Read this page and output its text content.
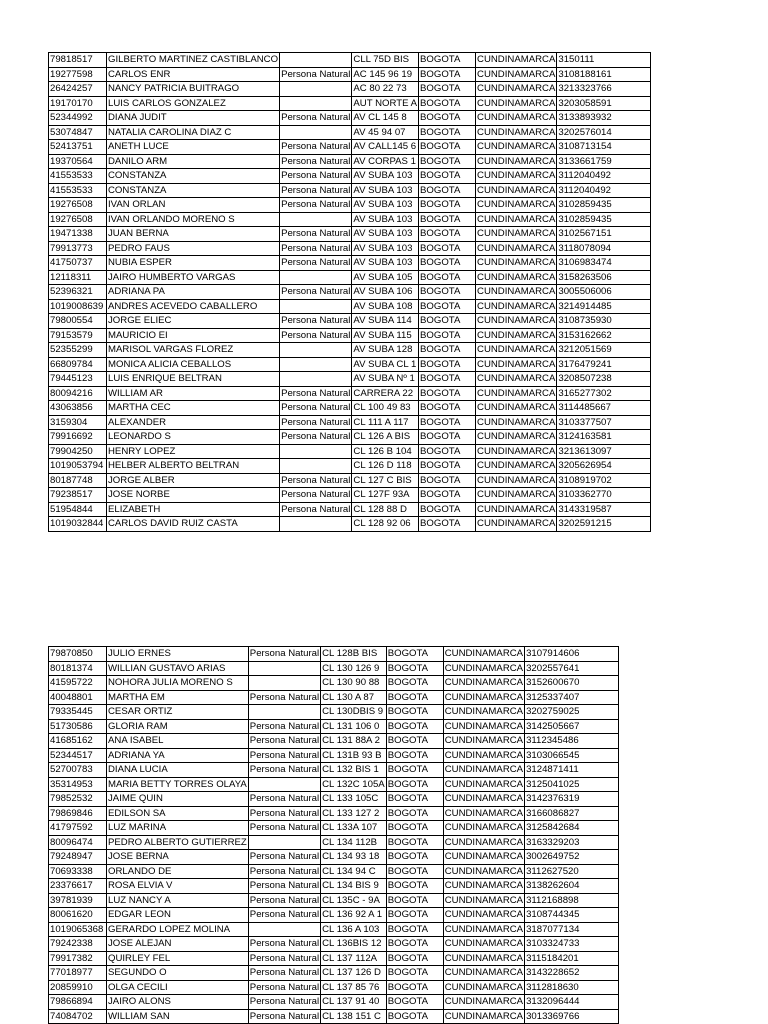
79818517	GILBERTO MARTINEZ CASTIBLANCO		CLL 75D BIS	BOGOTA	CUNDINAMARCA	3150111
19277598	CARLOS ENR	Persona Natural	AC 145 96 19	BOGOTA	CUNDINAMARCA	3108188161
26424257	NANCY PATRICIA BUITRAGO		AC 80 22 73	BOGOTA	CUNDINAMARCA	3213323766
19170170	LUIS CARLOS GONZALEZ		AUT NORTE A	BOGOTA	CUNDINAMARCA	3203058591
52344992	DIANA JUDIT	Persona Natural	AV CL 145 8	BOGOTA	CUNDINAMARCA	3133893932
53074847	NATALIA CAROLINA DIAZ C		AV 45 94 07	BOGOTA	CUNDINAMARCA	3202576014
52413751	ANETH LUCE	Persona Natural	AV CALL145 6	BOGOTA	CUNDINAMARCA	3108713154
19370564	DANILO ARM	Persona Natural	AV CORPAS 1	BOGOTA	CUNDINAMARCA	3133661759
41553533	CONSTANZA	Persona Natural	AV SUBA 103	BOGOTA	CUNDINAMARCA	3112040492
41553533	CONSTANZA	Persona Natural	AV SUBA 103	BOGOTA	CUNDINAMARCA	3112040492
19276508	IVAN ORLAN	Persona Natural	AV SUBA 103	BOGOTA	CUNDINAMARCA	3102859435
19276508	IVAN ORLANDO MORENO S		AV SUBA 103	BOGOTA	CUNDINAMARCA	3102859435
19471338	JUAN BERNA	Persona Natural	AV SUBA 103	BOGOTA	CUNDINAMARCA	3102567151
79913773	PEDRO FAUS	Persona Natural	AV SUBA 103	BOGOTA	CUNDINAMARCA	3118078094
41750737	NUBIA ESPER	Persona Natural	AV SUBA 103	BOGOTA	CUNDINAMARCA	3106983474
12118311	JAIRO HUMBERTO VARGAS		AV SUBA 105	BOGOTA	CUNDINAMARCA	3158263506
52396321	ADRIANA PA	Persona Natural	AV SUBA 106	BOGOTA	CUNDINAMARCA	3005506006
1019008639	ANDRES ACEVEDO CABALLERO		AV SUBA 108	BOGOTA	CUNDINAMARCA	3214914485
79800554	JORGE ELIEC	Persona Natural	AV SUBA 114	BOGOTA	CUNDINAMARCA	3108735930
79153579	MAURICIO EI	Persona Natural	AV SUBA 115	BOGOTA	CUNDINAMARCA	3153162662
52355299	MARISOL VARGAS FLOREZ		AV SUBA 128	BOGOTA	CUNDINAMARCA	3212051569
66809784	MONICA ALICIA CEBALLOS		AV SUBA CL 1	BOGOTA	CUNDINAMARCA	3176479241
79445123	LUIS ENRIQUE BELTRAN		AV SUBA Nº 1	BOGOTA	CUNDINAMARCA	3208507238
80094216	WILLIAM AR	Persona Natural	CARRERA 22	BOGOTA	CUNDINAMARCA	3165277302
43063856	MARTHA CEC	Persona Natural	CL 100 49 83	BOGOTA	CUNDINAMARCA	3114485667
3159304	ALEXANDER	Persona Natural	CL 111 A 117	BOGOTA	CUNDINAMARCA	3103377507
79916692	LEONARDO S	Persona Natural	CL 126 A BIS	BOGOTA	CUNDINAMARCA	3124163581
79904250	HENRY LOPEZ		CL 126 B 104	BOGOTA	CUNDINAMARCA	3213613097
1019053794	HELBER ALBERTO BELTRAN		CL 126 D 118	BOGOTA	CUNDINAMARCA	3205626954
80187748	JORGE ALBER	Persona Natural	CL 127 C BIS	BOGOTA	CUNDINAMARCA	3108919702
79238517	JOSE NORBE	Persona Natural	CL 127F 93A	BOGOTA	CUNDINAMARCA	3103362770
51954844	ELIZABETH	Persona Natural	CL 128 88 D	BOGOTA	CUNDINAMARCA	3143319587
1019032844	CARLOS DAVID RUIZ CASTA		CL 128 92 06	BOGOTA	CUNDINAMARCA	3202591215
79870850	JULIO ERNES	Persona Natural	CL 128B BIS	BOGOTA	CUNDINAMARCA	3107914606
80181374	WILLIAN GUSTAVO ARIAS		CL 130 126 9	BOGOTA	CUNDINAMARCA	3202557641
41595722	NOHORA JULIA MORENO S		CL 130 90 88	BOGOTA	CUNDINAMARCA	3152600670
40048801	MARTHA EM	Persona Natural	CL 130 A 87	BOGOTA	CUNDINAMARCA	3125337407
79335445	CESAR ORTIZ		CL 130DBIS 9	BOGOTA	CUNDINAMARCA	3202759025
51730586	GLORIA RAM	Persona Natural	CL 131 106 0	BOGOTA	CUNDINAMARCA	3142505667
41685162	ANA ISABEL	Persona Natural	CL 131 88A 2	BOGOTA	CUNDINAMARCA	3112345486
52344517	ADRIANA YA	Persona Natural	CL 131B 93 B	BOGOTA	CUNDINAMARCA	3103066545
52700783	DIANA LUCIA	Persona Natural	CL 132 BIS 1	BOGOTA	CUNDINAMARCA	3124871411
35314953	MARIA BETTY TORRES OLAYA		CL 132C 105A	BOGOTA	CUNDINAMARCA	3125041025
79852532	JAIME QUIN	Persona Natural	CL 133 105C	BOGOTA	CUNDINAMARCA	3142376319
79869846	EDILSON SA	Persona Natural	CL 133 127 2	BOGOTA	CUNDINAMARCA	3166086827
41797592	LUZ MARINA	Persona Natural	CL 133A 107	BOGOTA	CUNDINAMARCA	3125842684
80096474	PEDRO ALBERTO GUTIERREZ		CL 134 112B	BOGOTA	CUNDINAMARCA	3163329203
79248947	JOSE BERNA	Persona Natural	CL 134 93 18	BOGOTA	CUNDINAMARCA	3002649752
70693338	ORLANDO DE	Persona Natural	CL 134 94 C	BOGOTA	CUNDINAMARCA	3112627520
23376617	ROSA ELVIA V	Persona Natural	CL 134 BIS 9	BOGOTA	CUNDINAMARCA	3138262604
39781939	LUZ NANCY A	Persona Natural	CL 135C - 9A	BOGOTA	CUNDINAMARCA	3112168898
80061620	EDGAR LEON	Persona Natural	CL 136 92 A 1	BOGOTA	CUNDINAMARCA	3108744345
1019065368	GERARDO LOPEZ MOLINA		CL 136 A 103	BOGOTA	CUNDINAMARCA	3187077134
79242338	JOSE ALEJAN	Persona Natural	CL 136BIS 12	BOGOTA	CUNDINAMARCA	3103324733
79917382	QUIRLEY FEL	Persona Natural	CL 137 112A	BOGOTA	CUNDINAMARCA	3115184201
77018977	SEGUNDO O	Persona Natural	CL 137 126 D	BOGOTA	CUNDINAMARCA	3143228652
20859910	OLGA CECILI	Persona Natural	CL 137 85 76	BOGOTA	CUNDINAMARCA	3112818630
79866894	JAIRO ALONS	Persona Natural	CL 137 91 40	BOGOTA	CUNDINAMARCA	3132096444
74084702	WILLIAM SAN	Persona Natural	CL 138 151 C	BOGOTA	CUNDINAMARCA	3013369766
